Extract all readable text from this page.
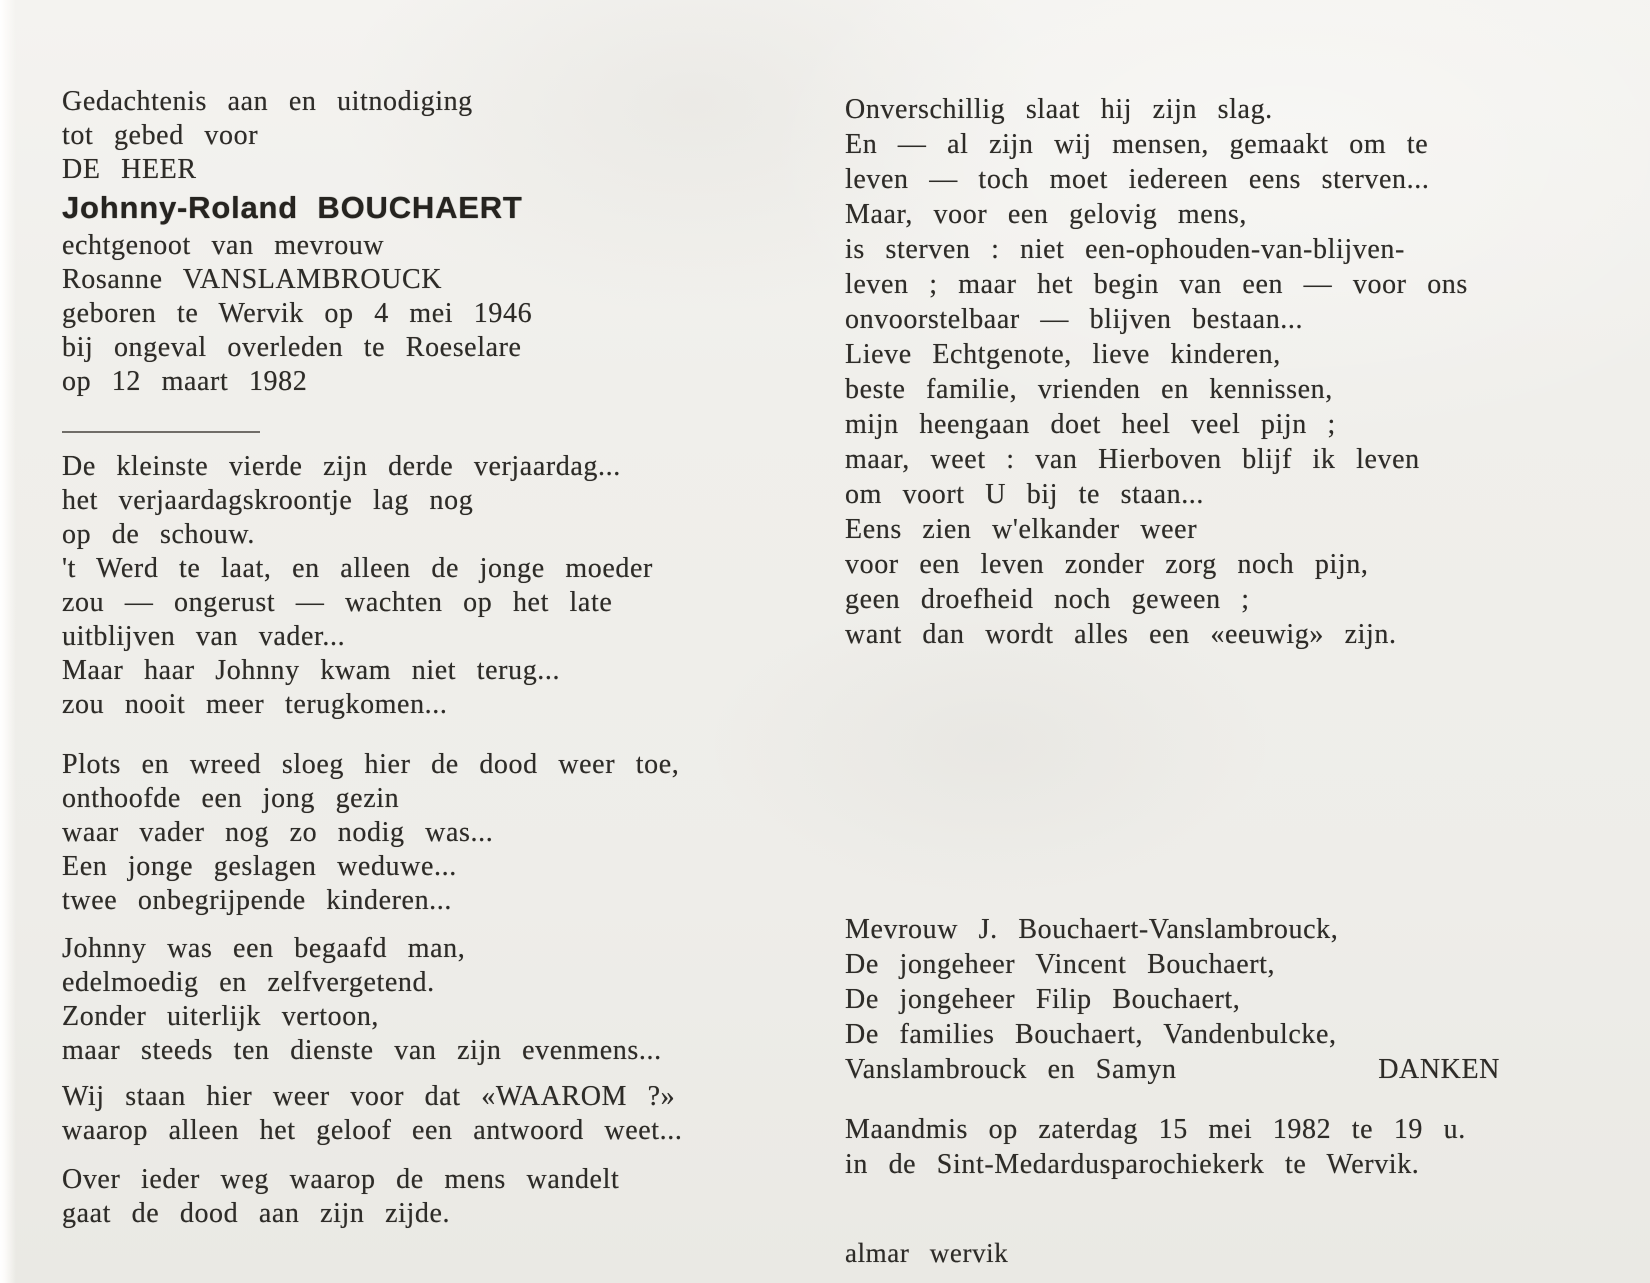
Gedachtenis aan en uitnodiging
tot gebed voor
DE HEER
Johnny-Roland BOUCHAERT
echtgenoot van mevrouw
Rosanne VANSLAMBROUCK
geboren te Wervik op 4 mei 1946
bij ongeval overleden te Roeselare
op 12 maart 1982
De kleinste vierde zijn derde verjaardag...
het verjaardagskroontje lag nog
op de schouw.
't Werd te laat, en alleen de jonge moeder
zou — ongerust — wachten op het late
uitblijven van vader...
Maar haar Johnny kwam niet terug...
zou nooit meer terugkomen...
Plots en wreed sloeg hier de dood weer toe,
onthoofde een jong gezin
waar vader nog zo nodig was...
Een jonge geslagen weduwe...
twee onbegrijpende kinderen...
Johnny was een begaafd man,
edelmoedig en zelfvergetend.
Zonder uiterlijk vertoon,
maar steeds ten dienste van zijn evenmens...
Wij staan hier weer voor dat «WAAROM ?»
waarop alleen het geloof een antwoord weet...
Over ieder weg waarop de mens wandelt
gaat de dood aan zijn zijde.
Onverschillig slaat hij zijn slag.
En — al zijn wij mensen, gemaakt om te
leven — toch moet iedereen eens sterven...
Maar, voor een gelovig mens,
is sterven : niet een-ophouden-van-blijven-
leven ; maar het begin van een — voor ons
onvoorstelbaar — blijven bestaan...
Lieve Echtgenote, lieve kinderen,
beste familie, vrienden en kennissen,
mijn heengaan doet heel veel pijn ;
maar, weet : van Hierboven blijf ik leven
om voort U bij te staan...
Eens zien w'elkander weer
voor een leven zonder zorg noch pijn,
geen droefheid noch geween ;
want dan wordt alles een «eeuwig» zijn.
Mevrouw J. Bouchaert-Vanslambrouck,
De jongeheer Vincent Bouchaert,
De jongeheer Filip Bouchaert,
De families Bouchaert, Vandenbulcke,
Vanslambrouck en Samyn	DANKEN
Maandmis op zaterdag 15 mei 1982 te 19 u.
in de Sint-Medardusparochiekerk te Wervik.
almar wervik
